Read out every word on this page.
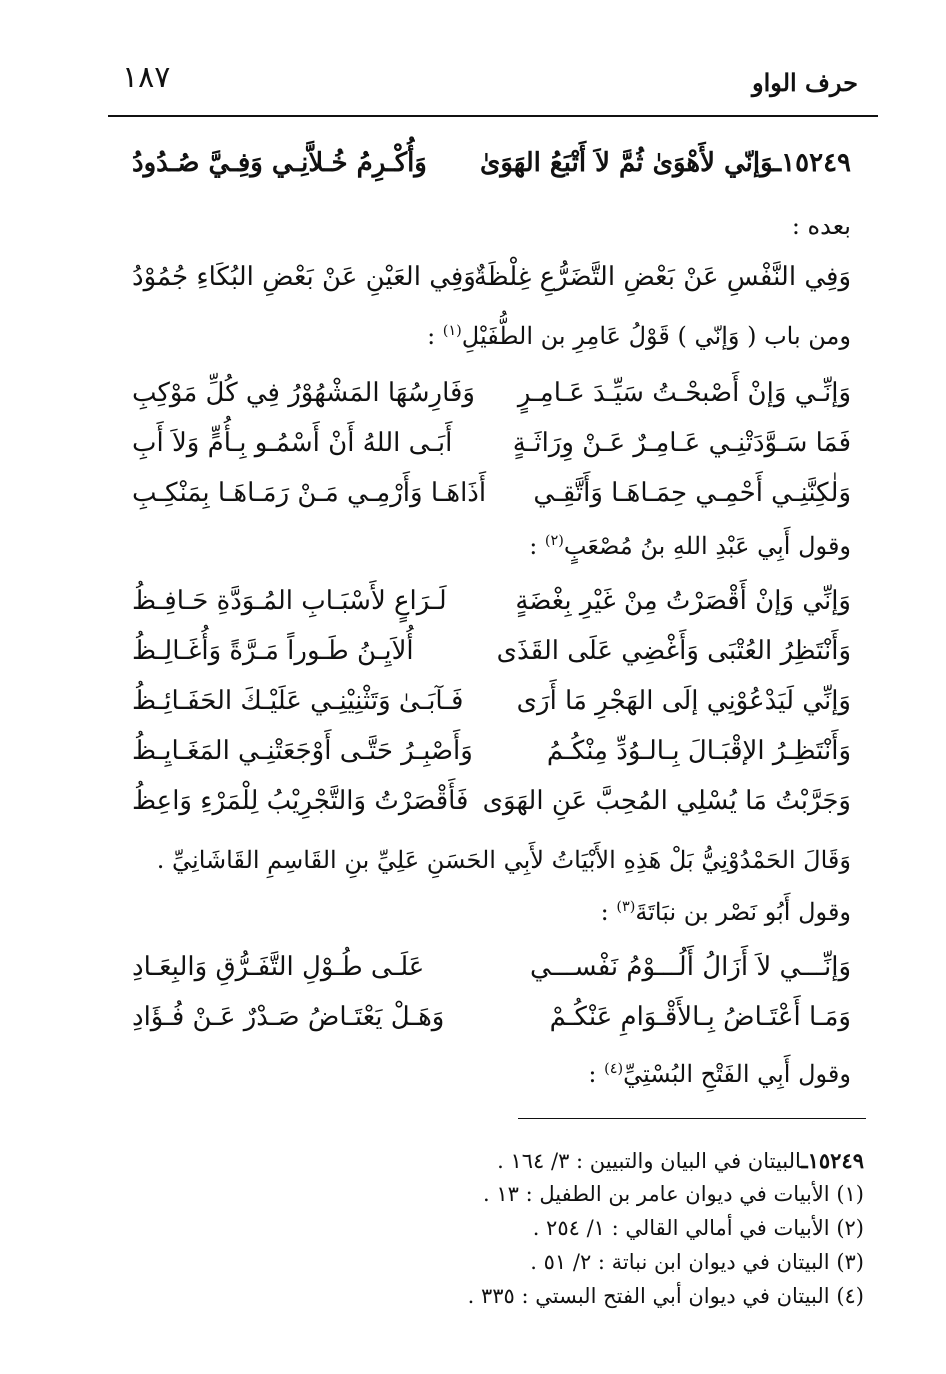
١٨٧	حرف الواو
١٥٢٤٩ـوَإنّي لأَهْوَىٰ ثُمَّ لاَ أَتْبَعُ الهَوَىٰ
وَأُكْـرِمُ خُـلاَّنِـي وَفِـيَّ صُـدُودُ
بعده :
وَفِي النَّفْسِ عَنْ بَعْضِ التَّضَرُّعِ غِلْظَةٌ
وَفِي العَيْنِ عَنْ بَعْضِ البُكَاءِ جُمُوْدُ
ومن باب ( وَإنّي ) قَوْلُ عَامِرِ بن الطُّفَيْلِ$^{(١)}$ :
وَإنِّـي وَإنْ أَصْبحْـتُ سَيِّـدَ عَـامِـرٍ
وَفَارِسُهَا المَشْهُوْرُ فِي كُلِّ مَوْكِبِ
فَمَا سَـوَّدَتْنِـي عَـامِـرٌ عَـنْ وِرَاثَـةٍ
أَبَـى اللهُ أَنْ أَسْمُـو بِـأُمٍّ وَلاَ أَبِ
وَلٰكِنَّنِـي أَحْمِـي حِمَـاهَـا وَأَتَّقِـي
أَذَاهَـا وَأَرْمِـي مَـنْ رَمَـاهَـا بِمَنْكِـبِ
وقول أَبِي عَبْدِ اللهِ بنُ مُصْعَبٍ$^{(٢)}$ :
وَإنِّي وَإنْ أَقْصَرْتُ مِنْ غَيْرِ بِغْضَةٍ
لَـرَاعٍ لأَسْبَـابِ المُـوَدَّةِ حَـافِـظُ
وَأَنْتَظِرُ العُتْبَى وَأَغْضِي عَلَى القَذَى
أُلاَيِـنُ طَـوراً مَـرَّةً وَأُغَـالِـظُ
وَإنِّي لَيَدْعُوْنِي إلَى الهَجْرِ مَا أَرَى
فَـآبَـىٰ وَتَثْنِيْنِـي عَلَيْـكَ الحَفَـائِـظُ
وَأَنْتَظِـرُ الإقْبَـالَ بِـالـوُدِّ مِنْكُـمُ
وَأَصْبِـرُ حَتَّـى أَوْجَعَتْنِـي المَغَـايِـظُ
وَجَرَّبْتُ مَا يُسْلِي المُحِبَّ عَنِ الهَوَى
فَأَقْصَرْتُ وَالتَّجْرِيْبُ لِلْمَرْءِ وَاعِظُ
وَقَالَ الحَمْدُوْنِيُّ بَلْ هَذِهِ الأَبْيَاتُ لأَبِي الحَسَنِ عَلِيِّ بنِ القَاسِمِ القَاشَانِيِّ .
وقول أَبُو نَصْر بن نبَاتَةَ$^{(٣)}$ :
وَإنِّـــي لاَ أَزَالُ أَلُـــوْمُ نَفْســـي
عَلَـى طُـوْلِ التَّفَـرُّقِ وَالبِعَـادِ
وَمَـا أَعْتَـاضُ بِـالأَقْـوَامِ عَنْكُـمْ
وَهَـلْ يَعْتَـاضُ صَـدْرٌ عَـنْ فُـؤَادِ
وقول أَبِي الفَتْحِ البُسْتِيِّ$^{(٤)}$ :
١٥٢٤٩ـالبيتان في البيان والتبيين : ٣/ ١٦٤ .
(١) الأبيات في ديوان عامر بن الطفيل : ١٣ .
(٢) الأبيات في أمالي القالي : ١/ ٢٥٤ .
(٣) البيتان في ديوان ابن نباتة : ٢/ ٥١ .
(٤) البيتان في ديوان أبي الفتح البستي : ٣٣٥ .
